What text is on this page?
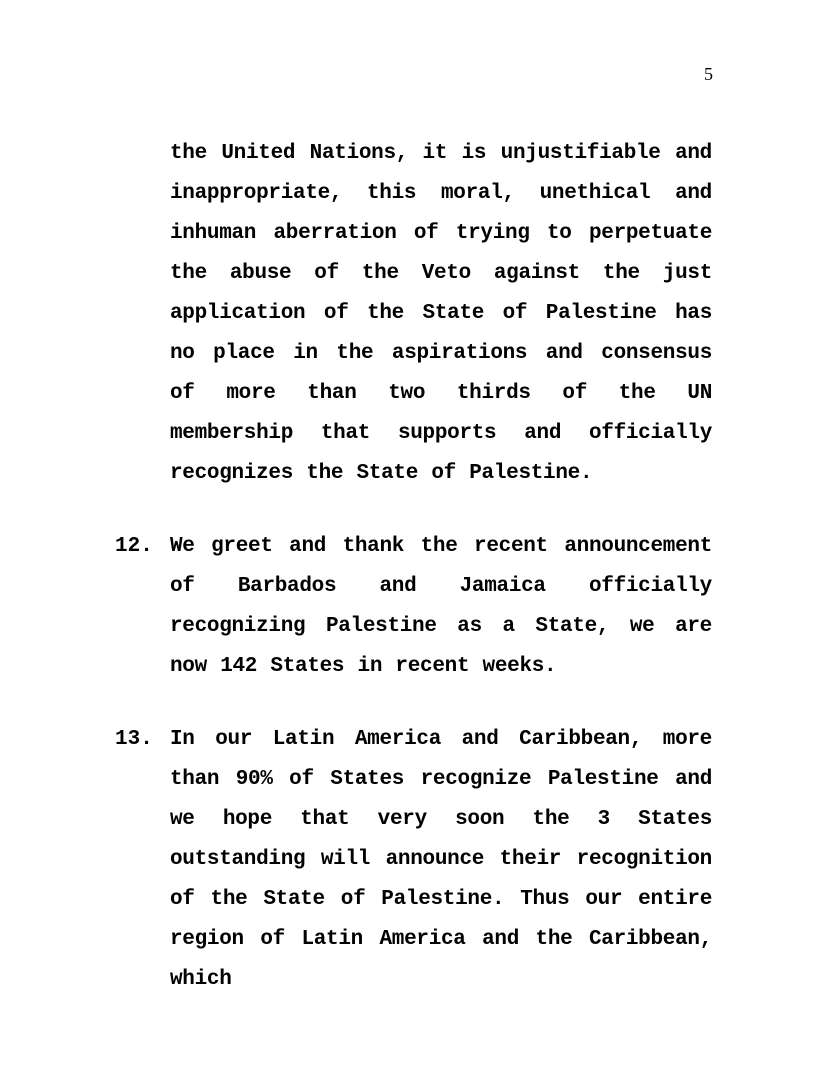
5
the United Nations, it is unjustifiable and inappropriate, this moral, unethical and inhuman aberration of trying to perpetuate the abuse of the Veto against the just application of the State of Palestine has no place in the aspirations and consensus of more than two thirds of the UN membership that supports and officially recognizes the State of Palestine.
12. We greet and thank the recent announcement of Barbados and Jamaica officially recognizing Palestine as a State, we are now 142 States in recent weeks.
13. In our Latin America and Caribbean, more than 90% of States recognize Palestine and we hope that very soon the 3 States outstanding will announce their recognition of the State of Palestine. Thus our entire region of Latin America and the Caribbean, which
